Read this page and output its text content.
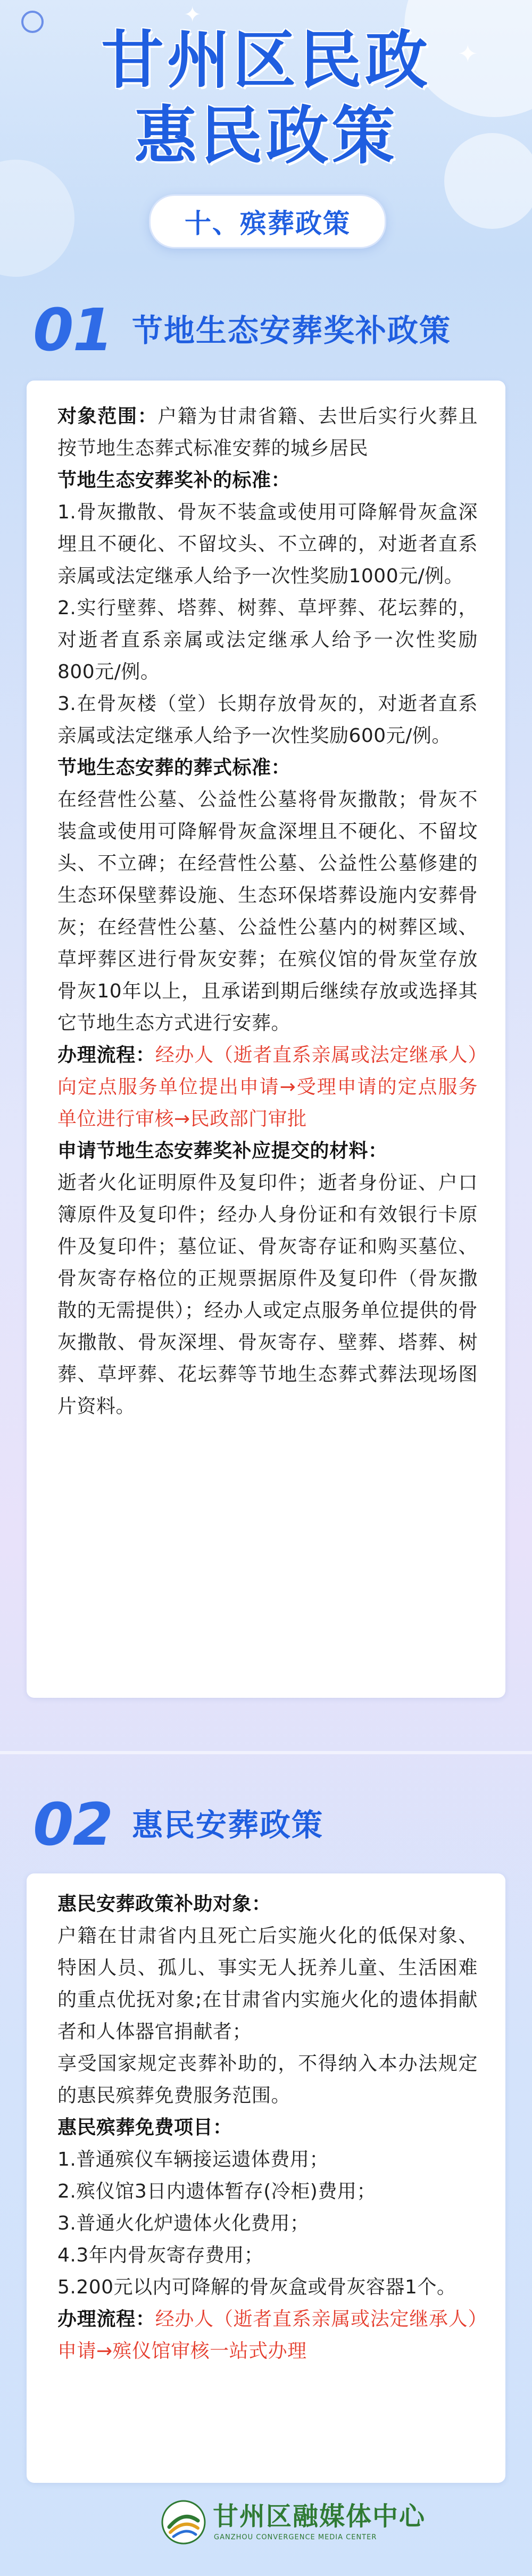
✦
✦
甘州区民政
惠民政策
十、殡葬政策
01 节地生态安葬奖补政策

对象范围：户籍为甘肃省籍、去世后实行火葬且按节地生态葬式标准安葬的城乡居民

节地生态安葬奖补的标准：

1.骨灰撒散、骨灰不装盒或使用可降解骨灰盒深埋且不硬化、不留坟头、不立碑的，对逝者直系亲属或法定继承人给予一次性奖励1000元/例。

2.实行壁葬、塔葬、树葬、草坪葬、花坛葬的，对逝者直系亲属或法定继承人给予一次性奖励800元/例。

3.在骨灰楼（堂）长期存放骨灰的，对逝者直系亲属或法定继承人给予一次性奖励600元/例。

节地生态安葬的葬式标准：

在经营性公墓、公益性公墓将骨灰撒散；骨灰不装盒或使用可降解骨灰盒深埋且不硬化、不留坟头、不立碑；在经营性公墓、公益性公墓修建的生态环保壁葬设施、生态环保塔葬设施内安葬骨灰；在经营性公墓、公益性公墓内的树葬区域、草坪葬区进行骨灰安葬；在殡仪馆的骨灰堂存放骨灰10年以上，且承诺到期后继续存放或选择其它节地生态方式进行安葬。

办理流程：经办人（逝者直系亲属或法定继承人）向定点服务单位提出申请→受理申请的定点服务单位进行审核→民政部门审批

申请节地生态安葬奖补应提交的材料：

逝者火化证明原件及复印件；逝者身份证、户口簿原件及复印件；经办人身份证和有效银行卡原件及复印件；墓位证、骨灰寄存证和购买墓位、骨灰寄存格位的正规票据原件及复印件（骨灰撒散的无需提供）；经办人或定点服务单位提供的骨灰撒散、骨灰深埋、骨灰寄存、壁葬、塔葬、树葬、草坪葬、花坛葬等节地生态葬式葬法现场图片资料。

02 惠民安葬政策

惠民安葬政策补助对象：

户籍在甘肃省内且死亡后实施火化的低保对象、特困人员、孤儿、事实无人抚养儿童、生活困难的重点优抚对象;在甘肃省内实施火化的遗体捐献者和人体器官捐献者；

享受国家规定丧葬补助的，不得纳入本办法规定的惠民殡葬免费服务范围。

惠民殡葬免费项目：

1.普通殡仪车辆接运遗体费用；

2.殡仪馆3日内遗体暂存(冷柜)费用；

3.普通火化炉遗体火化费用；

4.3年内骨灰寄存费用；

5.200元以内可降解的骨灰盒或骨灰容器1个。

办理流程：经办人（逝者直系亲属或法定继承人）申请→殡仪馆审核一站式办理

甘州区融媒体中心
GANZHOU CONVERGENCE MEDIA CENTER
